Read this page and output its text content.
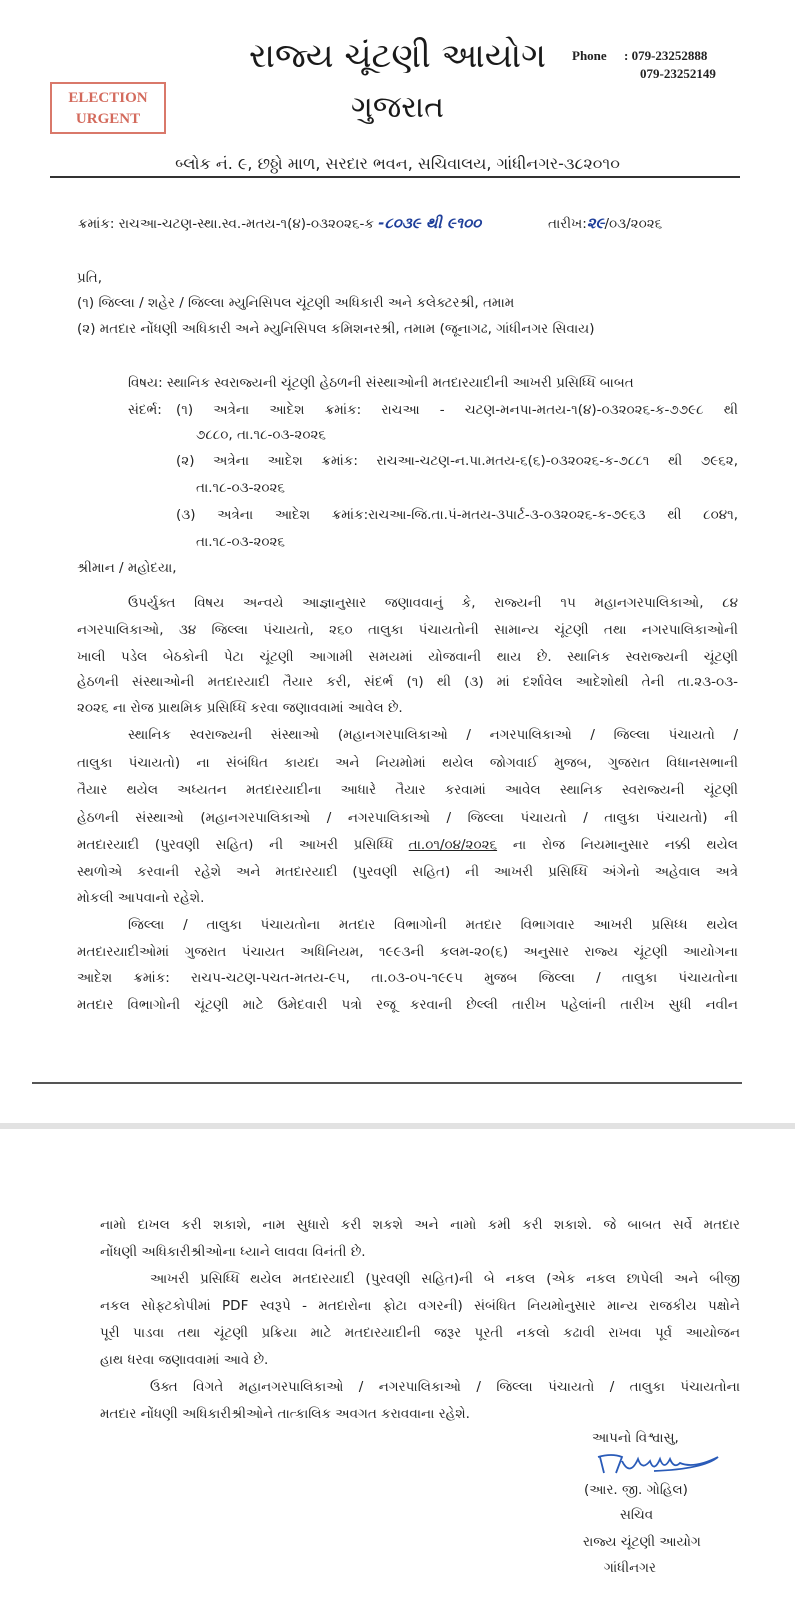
રાજ્ય ચૂંટણી આયોગ
ગુજરાત
Phone : 079-23252888
079-23252149
ELECTION
URGENT
બ્લોક નં. ૯, છઠ્ઠો માળ, સરદાર ભવન, સચિવાલય, ગાંધીનગર-૩૮૨૦૧૦
ક્રમાંક: રાચઆ-ચટણ-સ્થા.સ્વ.-મતય-૧(૪)-૦૩૨૦૨૬-ક -૮૦૩૯ થી ૯૧૦૦	તારીખ:૨૯/૦૩/૨૦૨૬
પ્રતિ,
(૧) જિલ્લા / શહેર / જિલ્લા મ્યુનિસિપલ ચૂંટણી અધિકારી અને કલેક્ટરશ્રી, તમામ
(૨) મતદાર નોંધણી અધિકારી અને મ્યુનિસિપલ કમિશનરશ્રી, તમામ (જૂનાગઢ, ગાંધીનગર સિવાય)
વિષય: સ્થાનિક સ્વરાજ્યની ચૂંટણી હેઠળની સંસ્થાઓની મતદારયાદીની આખરી પ્રસિધ્ધિ બાબત
સંદર્ભ: (૧) અત્રેના આદેશ ક્રમાંક: રાચઆ - ચટણ-મનપા-મતય-૧(૪)-૦૩૨૦૨૬-ક-૭૭૯૮ થી
૭૮૮૦, તા.૧૮-૦૩-૨૦૨૬
(૨) અત્રેના આદેશ ક્રમાંક: રાચઆ-ચટણ-ન.પા.મતય-૬(૬)-૦૩૨૦૨૬-ક-૭૮૮૧ થી ૭૯૬૨,
તા.૧૮-૦૩-૨૦૨૬
(૩) અત્રેના આદેશ ક્રમાંક:રાચઆ-જિ.તા.પં-મતય-૩પાર્ટ-૩-૦૩૨૦૨૬-ક-૭૯૬૩ થી ૮૦૪૧,
તા.૧૮-૦૩-૨૦૨૬
શ્રીમાન / મહોદયા,
ઉપર્યુક્ત વિષય અન્વયે આજ્ઞાનુસાર જણાવવાનું કે, રાજ્યની ૧૫ મહાનગરપાલિકાઓ, ૮૪
નગરપાલિકાઓ, ૩૪ જિલ્લા પંચાયતો, ૨૬૦ તાલુકા પંચાયતોની સામાન્ય ચૂંટણી તથા નગરપાલિકાઓની
ખાલી પડેલ બેઠકોની પેટા ચૂંટણી આગામી સમયમાં યોજવાની થાય છે. સ્થાનિક સ્વરાજ્યની ચૂંટણી
હેઠળની સંસ્થાઓની મતદારયાદી તૈયાર કરી, સંદર્ભ (૧) થી (૩) માં દર્શાવેલ આદેશોથી તેની તા.૨૩-૦૩-
૨૦૨૬ ના રોજ પ્રાથમિક પ્રસિધ્ધિ કરવા જણાવવામાં આવેલ છે.
સ્થાનિક સ્વરાજ્યની સંસ્થાઓ (મહાનગરપાલિકાઓ / નગરપાલિકાઓ / જિલ્લા પંચાયતો /
તાલુકા પંચાયતો) ના સંબંધિત કાયદા અને નિયમોમાં થયેલ જોગવાઈ મુજબ, ગુજરાત વિધાનસભાની
તૈયાર થયેલ અધ્યતન મતદારયાદીના આધારે તૈયાર કરવામાં આવેલ સ્થાનિક સ્વરાજ્યની ચૂંટણી
હેઠળની સંસ્થાઓ (મહાનગરપાલિકાઓ / નગરપાલિકાઓ / જિલ્લા પંચાયતો / તાલુકા પંચાયતો) ની
મતદારયાદી (પુરવણી સહિત) ની આખરી પ્રસિધ્ધિ તા.૦૧/૦૪/૨૦૨૬ ના રોજ નિયમાનુસાર નક્કી થયેલ
સ્થળોએ કરવાની રહેશે અને મતદારયાદી (પુરવણી સહિત) ની આખરી પ્રસિધ્ધિ અંગેનો અહેવાલ અત્રે
મોકલી આપવાનો રહેશે.
જિલ્લા / તાલુકા પંચાયતોના મતદાર વિભાગોની મતદાર વિભાગવાર આખરી પ્રસિધ્ધ થયેલ
મતદારયાદીઓમાં ગુજરાત પંચાયત અધિનિયમ, ૧૯૯૩ની કલમ-૨૦(૬) અનુસાર રાજ્ય ચૂંટણી આયોગના
આદેશ ક્રમાંક: રાચપ-ચટણ-પચત-મતય-૯૫, તા.૦૩-૦૫-૧૯૯૫ મુજબ જિલ્લા / તાલુકા પંચાયતોના
મતદાર વિભાગોની ચૂંટણી માટે ઉમેદવારી પત્રો રજૂ કરવાની છેલ્લી તારીખ પહેલાંની તારીખ સુધી નવીન
નામો દાખલ કરી શકાશે, નામ સુધારો કરી શકશે અને નામો કમી કરી શકાશે. જે બાબત સર્વે મતદાર
નોંધણી અધિકારીશ્રીઓના ધ્યાને લાવવા વિનંતી છે.
આખરી પ્રસિધ્ધિ થયેલ મતદારયાદી (પુરવણી સહિત)ની બે નકલ (એક નકલ છાપેલી અને બીજી
નકલ સોફ્ટકોપીમાં PDF સ્વરૂપે - મતદારોના ફોટા વગરની) સંબંધિત નિયમોનુસાર માન્ય રાજકીય પક્ષોને
પૂરી પાડવા તથા ચૂંટણી પ્રક્રિયા માટે મતદારયાદીની જરૂર પૂરતી નકલો કઢાવી રાખવા પૂર્વ આયોજન
હાથ ધરવા જણાવવામાં આવે છે.
ઉક્ત વિગતે મહાનગરપાલિકાઓ / નગરપાલિકાઓ / જિલ્લા પંચાયતો / તાલુકા પંચાયતોના
મતદાર નોંધણી અધિકારીશ્રીઓને તાત્કાલિક અવગત કરાવવાના રહેશે.
આપનો વિશ્વાસુ,
(આર. જી. ગોહિલ)
સચિવ
રાજ્ય ચૂંટણી આયોગ
ગાંધીનગર
